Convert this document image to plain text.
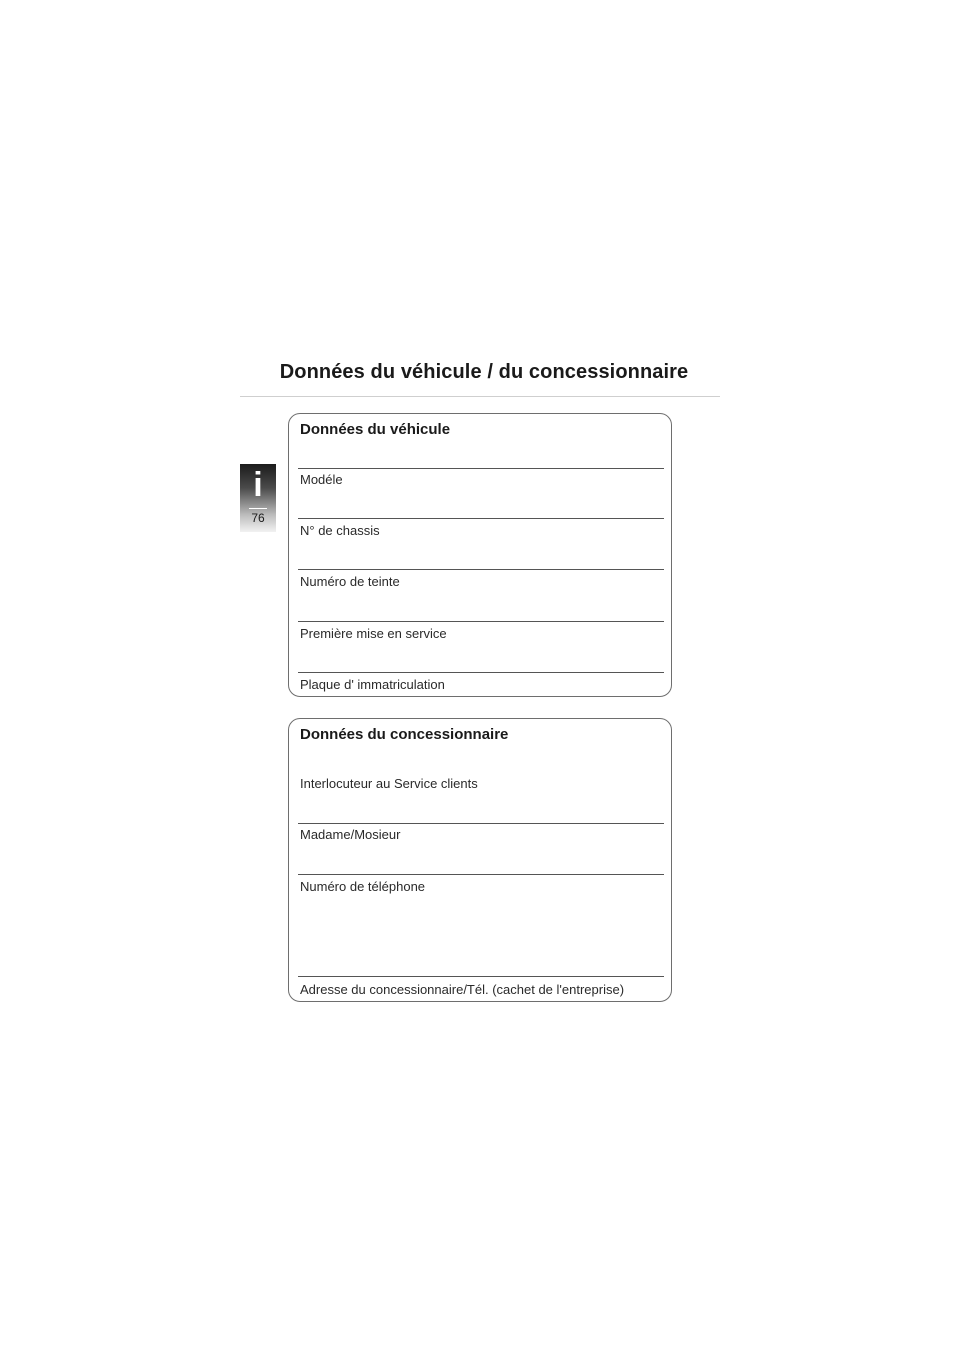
Données du véhicule / du concessionnaire
i
76
Données du véhicule
Modéle
N° de chassis
Numéro de teinte
Première mise en service
Plaque d' immatriculation
Données du concessionnaire
Interlocuteur au Service clients
Madame/Mosieur
Numéro de téléphone
Adresse du concessionnaire/Tél. (cachet de l'entreprise)
